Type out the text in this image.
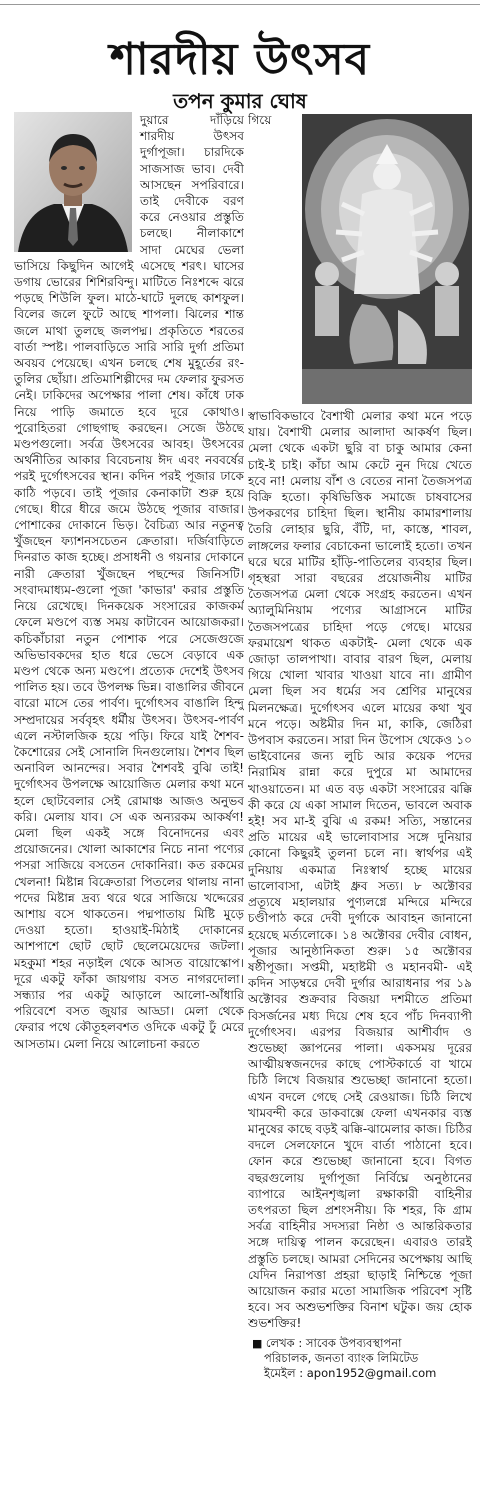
শারদীয় উৎসব
তপন কুমার ঘোষ

দুয়ারে দাঁড়িয়ে শারদীয় উৎসব দুর্গাপূজা। চারদিকে সাজসাজ ভাব। দেবী আসছেন সপরিবারে। তাই দেবীকে বরণ করে নেওয়ার প্রস্তুতি চলছে। নীলাকাশে সাদা মেঘের ভেলা ভাসিয়ে কিছুদিন আগেই এসেছে শরৎ। ঘাসের ডগায় ভোরের শিশিরবিন্দু। মাটিতে নিঃশব্দে ঝরে পড়ছে শিউলি ফুল। মাঠে-ঘাটে দুলছে কাশফুল। বিলের জলে ফুটে আছে শাপলা। ঝিলের শান্ত জলে মাথা তুলছে জলপদ্ম। প্রকৃতিতে শরতের বার্তা স্পষ্ট। পালবাড়িতে সারি সারি দুর্গা প্রতিমা অবয়ব পেয়েছে। এখন চলছে শেষ মুহূর্তের রং-তুলির ছোঁয়া। প্রতিমাশিল্পীদের দম ফেলার ফুরসত নেই। ঢাকিদের অপেক্ষার পালা শেষ। কাঁধে ঢাক নিয়ে পাড়ি জমাতে হবে দূরে কোথাও। পুরোহিতরা গোছগাছ করছেন। সেজে উঠছে মণ্ডপগুলো। সর্বত্র উৎসবের আবহ। উৎসবের অর্থনীতির আকার বিবেচনায় ঈদ এবং নববর্ষের পরই দুর্গোৎসবের স্থান। কদিন পরই পূজার ঢাকে কাঠি পড়বে। তাই পূজার কেনাকাটা শুরু হয়ে গেছে। ধীরে ধীরে জমে উঠছে পূজার বাজার। পোশাকের দোকানে ভিড়। বৈচিত্র্য আর নতুনত্ব খুঁজছেন ফ্যাশনসচেতন ক্রেতারা। দর্জিবাড়িতে দিনরাত কাজ হচ্ছে। প্রসাধনী ও গয়নার দোকানে নারী ক্রেতারা খুঁজছেন পছন্দের জিনিসটি। সংবাদমাধ্যম-গুলো পূজা 'কাভার' করার প্রস্তুতি নিয়ে রেখেছে। দিনকয়েক সংসারের কাজকর্ম ফেলে মণ্ডপে ব্যস্ত সময় কাটাবেন আয়োজকরা। কচিকাঁচারা নতুন পোশাক পরে সেজেগুজে অভিভাবকদের হাত ধরে ভেসে বেড়াবে এক মণ্ডপ থেকে অন্য মণ্ডপে। প্রত্যেক দেশেই উৎসব পালিত হয়। তবে উপলক্ষ ভিন্ন। বাঙালির জীবনে বারো মাসে তের পার্বণ। দুর্গোৎসব বাঙালি হিন্দু সম্প্রদায়ের সর্ববৃহৎ ধর্মীয় উৎসব। উৎসব-পার্বণ এলে নস্টালজিক হয়ে পড়ি। ফিরে যাই শৈশব-কৈশোরের সেই সোনালি দিনগুলোয়। শৈশব ছিল অনাবিল আনন্দের। সবার শৈশবই বুঝি তাই! দুর্গোৎসব উপলক্ষে আয়োজিত মেলার কথা মনে হলে ছোটবেলার সেই রোমাঞ্চ আজও অনুভব করি। মেলায় যাব। সে এক অন্যরকম আকর্ষণ! মেলা ছিল একই সঙ্গে বিনোদনের এবং প্রয়োজনের। খোলা আকাশের নিচে নানা পণ্যের পসরা সাজিয়ে বসতেন দোকানিরা। কত রকমের খেলনা! মিষ্টান্ন বিক্রেতারা পিতলের থালায় নানা পদের মিষ্টান্ন দ্রব্য থরে থরে সাজিয়ে খদ্দেরের আশায় বসে থাকতেন। পদ্মপাতায় মিষ্টি মুড়ে দেওয়া হতো। হাওয়াই-মিঠাই দোকানের আশপাশে ছোট ছোট ছেলেমেয়েদের জটলা। মহকুমা শহর নড়াইল থেকে আসত বায়োস্কোপ। দূরে একটু ফাঁকা জায়গায় বসত নাগরদোলা। সন্ধ্যার পর একটু আড়ালে আলো-আঁধারি পরিবেশে বসত জুয়ার আড্ডা। মেলা থেকে ফেরার পথে কৌতূহলবশত ওদিকে একটু ঢুঁ মেরে আসতাম। মেলা নিয়ে আলোচনা করতে

গিয়ে স্বাভাবিকভাবে বৈশাখী মেলার কথা মনে পড়ে যায়। বৈশাখী মেলার আলাদা আকর্ষণ ছিল। মেলা থেকে একটা ছুরি বা চাকু আমার কেনা চাই-ই চাই। কাঁচা আম কেটে নুন দিয়ে খেতে হবে না! মেলায় বাঁশ ও বেতের নানা তৈজসপত্র বিক্রি হতো। কৃষিভিত্তিক সমাজে চাষবাসের উপকরণের চাহিদা ছিল। স্থানীয় কামারশালায় তৈরি লোহার ছুরি, বঁটি, দা, কাস্তে, শাবল, লাঙ্গলের ফলার বেচাকেনা ভালোই হতো। তখন ঘরে ঘরে মাটির হাঁড়ি-পাতিলের ব্যবহার ছিল। গৃহস্থরা সারা বছরের প্রয়োজনীয় মাটির তৈজসপত্র মেলা থেকে সংগ্রহ করতেন। এখন অ্যালুমিনিয়াম পণ্যের আগ্রাসনে মাটির তৈজসপত্রের চাহিদা পড়ে গেছে। মায়ের ফরমায়েশ থাকত একটাই- মেলা থেকে এক জোড়া তালপাখা। বাবার বারণ ছিল, মেলায় গিয়ে খোলা খাবার খাওয়া যাবে না। গ্রামীণ মেলা ছিল সব ধর্মের সব শ্রেণির মানুষের মিলনক্ষেত্র। দুর্গোৎসব এলে মায়ের কথা খুব মনে পড়ে। অষ্টমীর দিন মা, কাকি, জেঠিরা উপবাস করতেন। সারা দিন উপোস থেকেও ১০ ভাইবোনের জন্য লুচি আর কয়েক পদের নিরামিষ রান্না করে দুপুরে মা আমাদের খাওয়াতেন। মা এত বড় একটা সংসারের ঝক্কি কী করে যে একা সামাল দিতেন, ভাবলে অবাক হই! সব মা-ই বুঝি এ রকম! সত্যি, সন্তানের প্রতি মায়ের এই ভালোবাসার সঙ্গে দুনিয়ার কোনো কিছুরই তুলনা চলে না। স্বার্থপর এই দুনিয়ায় একমাত্র নিঃস্বার্থ হচ্ছে মায়ের ভালোবাসা, এটাই ধ্রুব সত্য। ৮ অক্টোবর প্রত্যূষে মহালয়ার পুণ্যলগ্নে মন্দিরে মন্দিরে চণ্ডীপাঠ করে দেবী দুর্গাকে আবাহন জানানো হয়েছে মর্ত্যলোকে। ১৪ অক্টোবর দেবীর বোধন, পূজার আনুষ্ঠানিকতা শুরু। ১৫ অক্টোবর ষষ্ঠীপূজা। সপ্তমী, মহাষ্টমী ও মহানবমী- এই কদিন সাড়ম্বরে দেবী দুর্গার আরাধনার পর ১৯ অক্টোবর শুক্রবার বিজয়া দশমীতে প্রতিমা বিসর্জনের মধ্য দিয়ে শেষ হবে পাঁচ দিনব্যাপী দুর্গোৎসব। এরপর বিজয়ার আশীর্বাদ ও শুভেচ্ছা জ্ঞাপনের পালা। একসময় দূরের আত্মীয়স্বজনদের কাছে পোস্টকার্ডে বা খামে চিঠি লিখে বিজয়ার শুভেচ্ছা জানানো হতো। এখন বদলে গেছে সেই রেওয়াজ। চিঠি লিখে খামবন্দী করে ডাকবাক্সে ফেলা এখনকার ব্যস্ত মানুষের কাছে বড়ই ঝক্কি-ঝামেলার কাজ। চিঠির বদলে সেলফোনে খুদে বার্তা পাঠানো হবে। ফোন করে শুভেচ্ছা জানানো হবে। বিগত বছরগুলোয় দুর্গাপূজা নির্বিঘ্নে অনুষ্ঠানের ব্যাপারে আইনশৃঙ্খলা রক্ষাকারী বাহিনীর তৎপরতা ছিল প্রশংসনীয়। কি শহর, কি গ্রাম সর্বত্র বাহিনীর সদস্যরা নিষ্ঠা ও আন্তরিকতার সঙ্গে দায়িত্ব পালন করেছেন। এবারও তারই প্রস্তুতি চলছে। আমরা সেদিনের অপেক্ষায় আছি যেদিন নিরাপত্তা প্রহরা ছাড়াই নিশ্চিন্তে পূজা আয়োজন করার মতো সামাজিক পরিবেশ সৃষ্টি হবে। সব অশুভশক্তির বিনাশ ঘটুক। জয় হোক শুভশক্তির!

■ লেখক : সাবেক উপব্যবস্থাপনা
পরিচালক, জনতা ব্যাংক লিমিটেড
ইমেইল : apon1952@gmail.com
